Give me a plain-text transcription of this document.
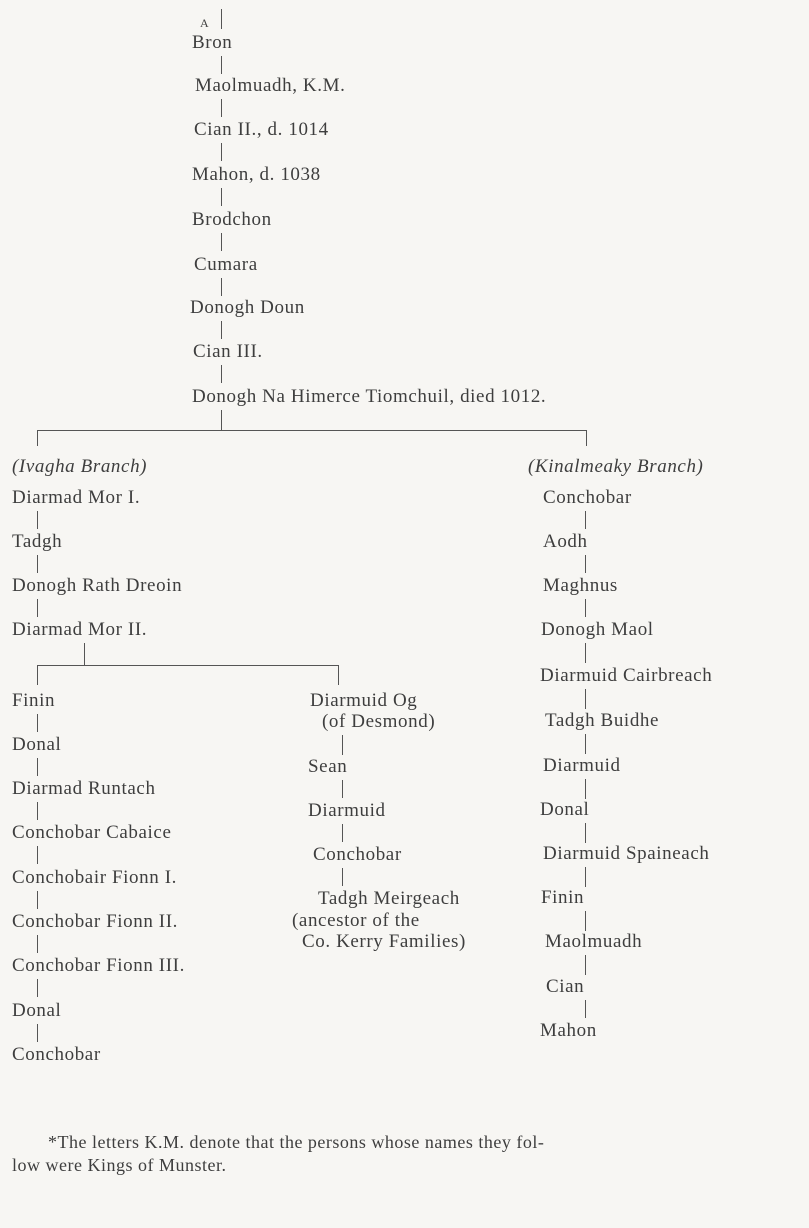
A
Bron
Maolmuadh, K.M.
Cian II., d. 1014
Mahon, d. 1038
Brodchon
Cumara
Donogh Doun
Cian III.
Donogh Na Himerce Tiomchuil, died 1012.
(Ivagha Branch)
Diarmad Mor I.
Tadgh
Donogh Rath Dreoin
Diarmad Mor II.
Finin
Donal
Diarmad Runtach
Conchobar Cabaice
Conchobair Fionn I.
Conchobar Fionn II.
Conchobar Fionn III.
Donal
Conchobar
Diarmuid Og
(of Desmond)
Sean
Diarmuid
Conchobar
Tadgh Meirgeach
(ancestor of the
Co. Kerry Families)
(Kinalmeaky Branch)
Conchobar
Aodh
Maghnus
Donogh Maol
Diarmuid Cairbreach
Tadgh Buidhe
Diarmuid
Donal
Diarmuid Spaineach
Finin
Maolmuadh
Cian
Mahon

*The letters K.M. denote that the persons whose names they fol-

low were Kings of Munster.
